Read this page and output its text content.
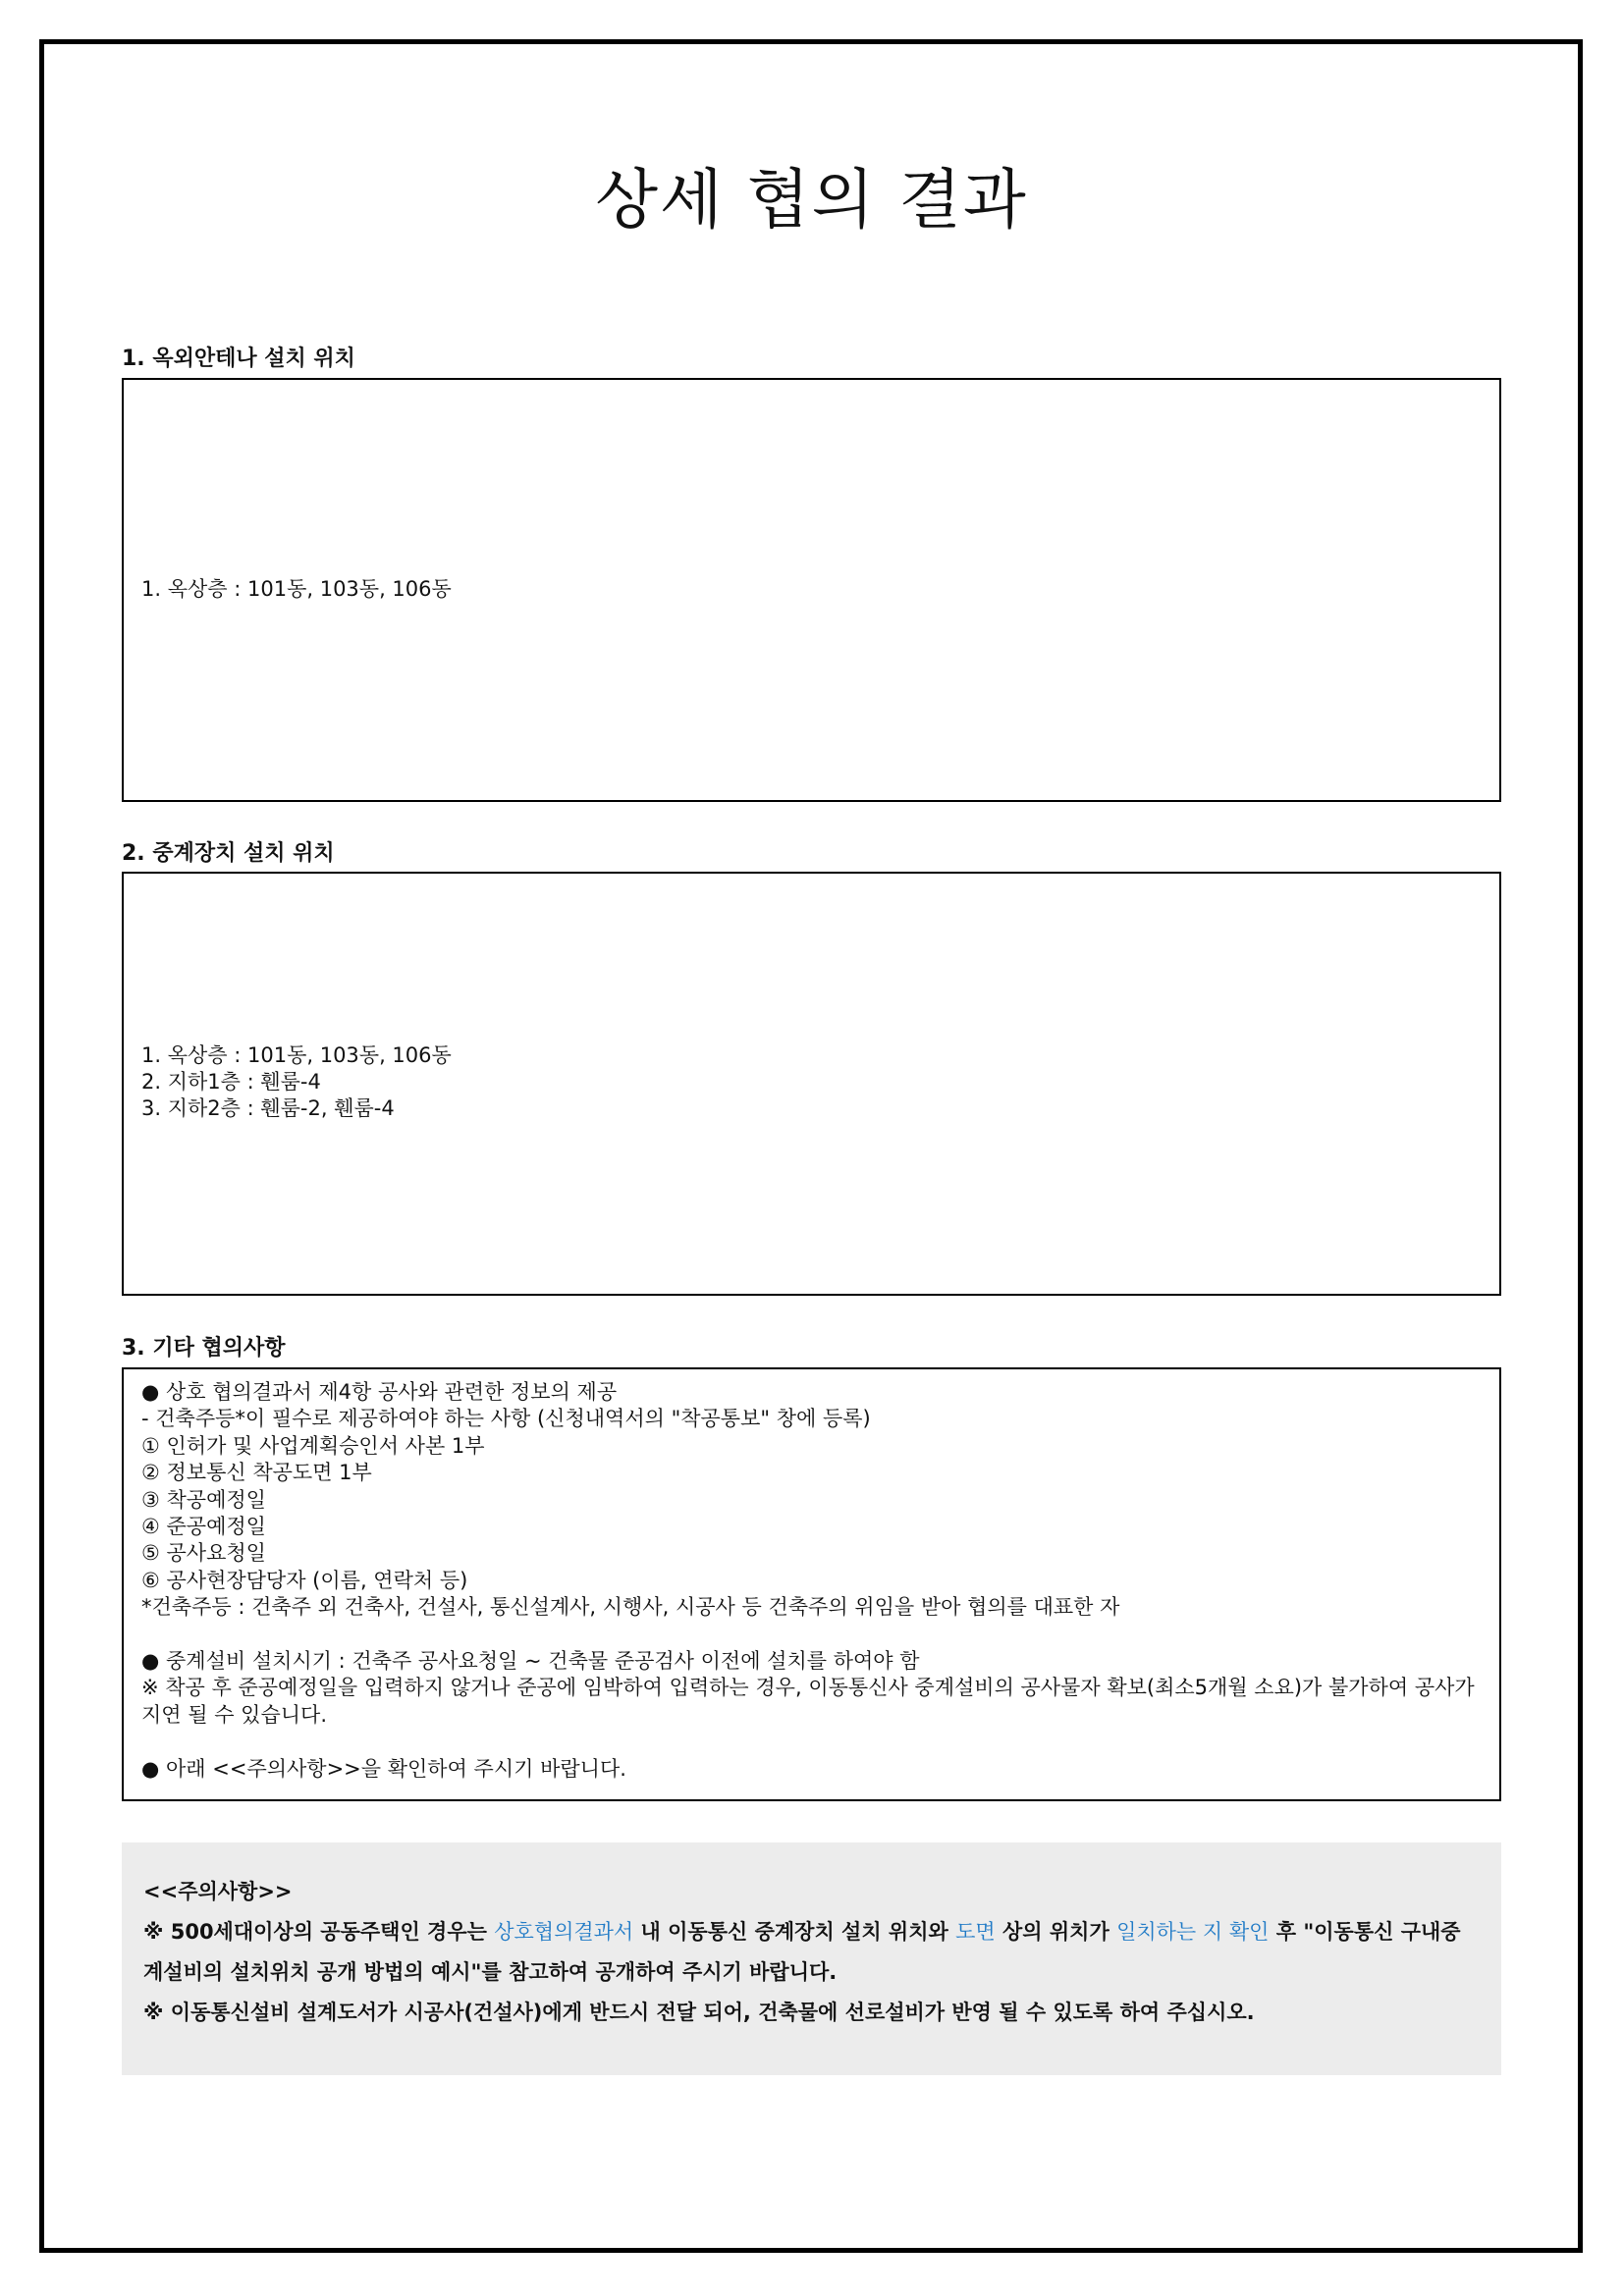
상세 협의 결과
1. 옥외안테나 설치 위치
1. 옥상층 : 101동, 103동, 106동
2. 중계장치 설치 위치
1. 옥상층 : 101동, 103동, 106동
2. 지하1층 : 휀룸-4
3. 지하2층 : 휀룸-2, 휀룸-4
3. 기타 협의사항
● 상호 협의결과서 제4항 공사와 관련한 정보의 제공
- 건축주등*이 필수로 제공하여야 하는 사항 (신청내역서의 "착공통보" 창에 등록)
① 인허가 및 사업계획승인서 사본 1부
② 정보통신 착공도면 1부
③ 착공예정일
④ 준공예정일
⑤ 공사요청일
⑥ 공사현장담당자 (이름, 연락처 등)
*건축주등 : 건축주 외 건축사, 건설사, 통신설계사, 시행사, 시공사 등 건축주의 위임을 받아 협의를 대표한 자
● 중계설비 설치시기 : 건축주 공사요청일 ~ 건축물 준공검사 이전에 설치를 하여야 함
※ 착공 후 준공예정일을 입력하지 않거나 준공에 임박하여 입력하는 경우, 이동통신사 중계설비의 공사물자 확보(최소5개월 소요)가 불가하여 공사가 지연 될 수 있습니다.
● 아래 <<주의사항>>을 확인하여 주시기 바랍니다.
<<주의사항>>
※ 500세대이상의 공동주택인 경우는 상호협의결과서 내 이동통신 중계장치 설치 위치와 도면 상의 위치가 일치하는 지 확인 후 "이동통신 구내중계설비의 설치위치 공개 방법의 예시"를 참고하여 공개하여 주시기 바랍니다.
※ 이동통신설비 설계도서가 시공사(건설사)에게 반드시 전달 되어, 건축물에 선로설비가 반영 될 수 있도록 하여 주십시오.
